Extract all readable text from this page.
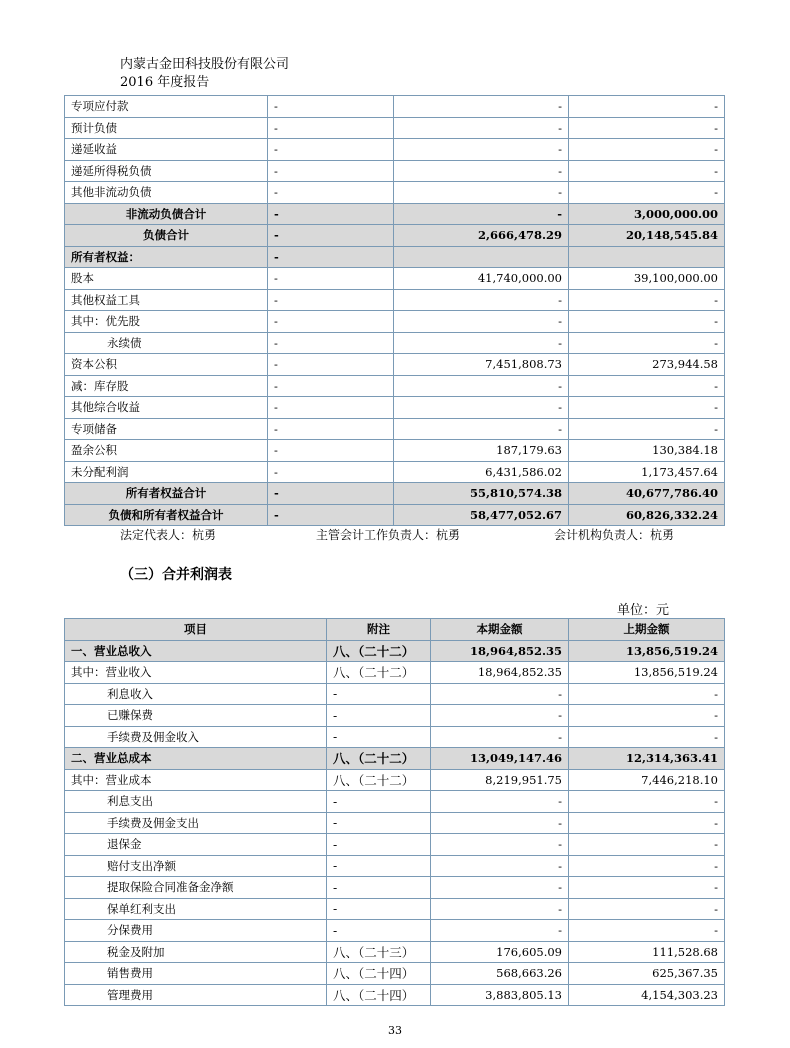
内蒙古金田科技股份有限公司
2016 年度报告
专项应付款	-	-	-
预计负债	-	-	-
递延收益	-	-	-
递延所得税负债	-	-	-
其他非流动负债	-	-	-
非流动负债合计	-	-	3,000,000.00
负债合计	-	2,666,478.29	20,148,545.84
所有者权益：	-		
股本	-	41,740,000.00	39,100,000.00
其他权益工具	-	-	-
其中：优先股	-	-	-
永续债	-	-	-
资本公积	-	7,451,808.73	273,944.58
减：库存股	-	-	-
其他综合收益	-	-	-
专项储备	-	-	-
盈余公积	-	187,179.63	130,384.18
未分配利润	-	6,431,586.02	1,173,457.64
所有者权益合计	-	55,810,574.38	40,677,786.40
负债和所有者权益合计	-	58,477,052.67	60,826,332.24
法定代表人：杭勇	主管会计工作负责人：杭勇	会计机构负责人：杭勇
（三）合并利润表
单位：元
项目	附注	本期金额	上期金额
一、营业总收入	八、（二十二）	18,964,852.35	13,856,519.24
其中：营业收入	八、（二十二）	18,964,852.35	13,856,519.24
利息收入	-	-	-
已赚保费	-	-	-
手续费及佣金收入	-	-	-
二、营业总成本	八、（二十二）	13,049,147.46	12,314,363.41
其中：营业成本	八、（二十二）	8,219,951.75	7,446,218.10
利息支出	-	-	-
手续费及佣金支出	-	-	-
退保金	-	-	-
赔付支出净额	-	-	-
提取保险合同准备金净额	-	-	-
保单红利支出	-	-	-
分保费用	-	-	-
税金及附加	八、（二十三）	176,605.09	111,528.68
销售费用	八、（二十四）	568,663.26	625,367.35
管理费用	八、（二十四）	3,883,805.13	4,154,303.23
33
